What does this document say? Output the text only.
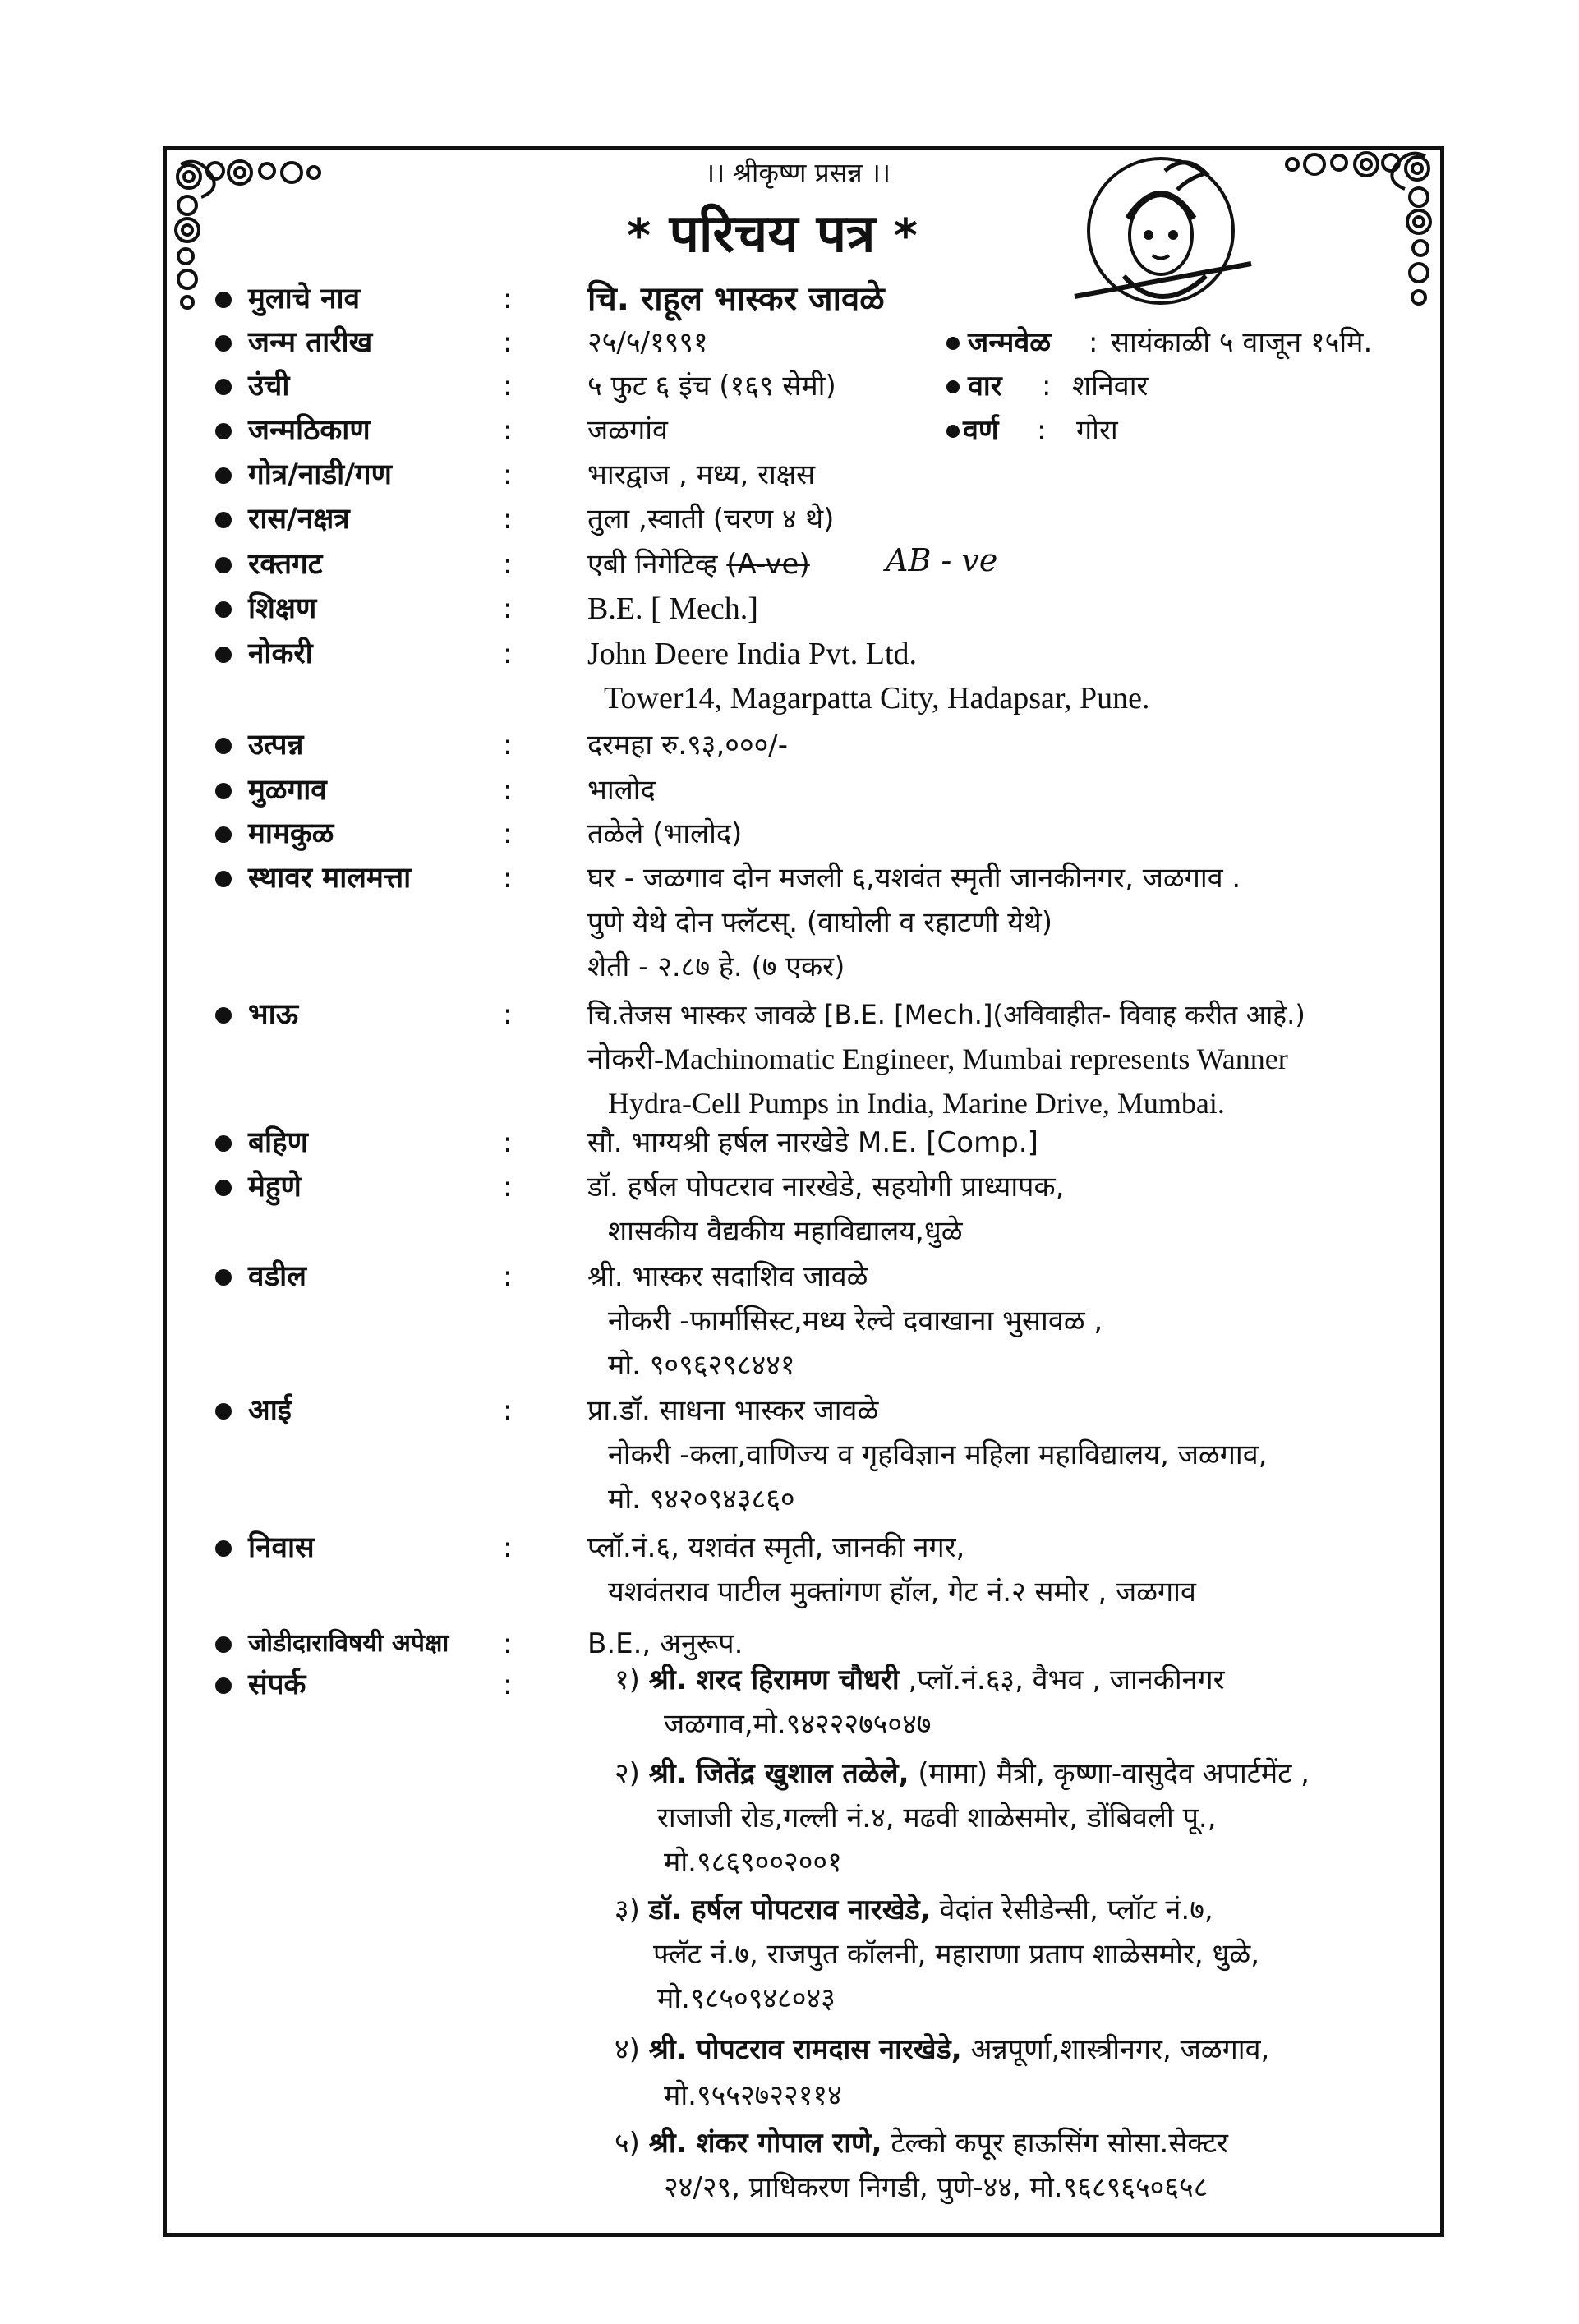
।। श्रीकृष्ण प्रसन्न ।।
* परिचय पत्र *
मुलाचे नाव	: चि. राहूल भास्कर जावळे
जन्म तारीख	:	२५/५/१९९१	जन्मवेळ : सायंकाळी ५ वाजून १५मि.
उंची	:	५ फुट ६ इंच (१६९ सेमी)	वार : शनिवार
जन्मठिकाण	:	जळगांव	वर्ण : गोरा
गोत्र/नाडी/गण	:	भारद्वाज , मध्य, राक्षस
रास/नक्षत्र	:	तुला ,स्वाती (चरण ४ थे)
रक्तगट	:	एबी निगेटिव्ह (A-ve) AB - ve
शिक्षण	: B.E. [ Mech.]
नोकरी	: John Deere India Pvt. Ltd.
Tower14, Magarpatta City, Hadapsar, Pune.
उत्पन्न	:	दरमहा रु.९३,०००/-
मुळगाव	:	भालोद
मामकुळ	:	तळेले (भालोद)
स्थावर मालमत्ता	:	घर - जळगाव दोन मजली ६,यशवंत स्मृती जानकीनगर, जळगाव .
पुणे येथे दोन फ्लॅटस्. (वाघोली व रहाटणी येथे)
शेती - २.८७ हे. (७ एकर)
भाऊ	:	चि.तेजस भास्कर जावळे [B.E. [Mech.](अविवाहीत- विवाह करीत आहे.)
नोकरी-Machinomatic Engineer, Mumbai represents Wanner
Hydra-Cell Pumps in India, Marine Drive, Mumbai.
बहिण	:	सौ. भाग्यश्री हर्षल नारखेडे M.E. [Comp.]
मेहुणे	:	डॉ. हर्षल पोपटराव नारखेडे, सहयोगी प्राध्यापक,
शासकीय वैद्यकीय महाविद्यालय,धुळे
वडील	:	श्री. भास्कर सदाशिव जावळे
नोकरी -फार्मासिस्ट,मध्य रेल्वे दवाखाना भुसावळ ,
मो. ९०९६२९८४४१
आई	:	प्रा.डॉ. साधना भास्कर जावळे
नोकरी -कला,वाणिज्य व गृहविज्ञान महिला महाविद्यालय, जळगाव,
मो. ९४२०९४३८६०
निवास	:	प्लॉ.नं.६, यशवंत स्मृती, जानकी नगर,
यशवंतराव पाटील मुक्तांगण हॉल, गेट नं.२ समोर , जळगाव
जोडीदाराविषयी अपेक्षा :	B.E., अनुरूप.
संपर्क	:	१) श्री. शरद हिरामण चौधरी ,प्लॉ.नं.६३, वैभव , जानकीनगर
जळगाव,मो.९४२२२७५०४७
२) श्री. जितेंद्र खुशाल तळेले, (मामा) मैत्री, कृष्णा-वासुदेव अपार्टमेंट ,
राजाजी रोड,गल्ली नं.४, मढवी शाळेसमोर, डोंबिवली पू.,
मो.९८६९००२००१
३) डॉ. हर्षल पोपटराव नारखेडे, वेदांत रेसीडेन्सी, प्लॉट नं.७,
फ्लॅट नं.७, राजपुत कॉलनी, महाराणा प्रताप शाळेसमोर, धुळे,
मो.९८५०९४८०४३
४) श्री. पोपटराव रामदास नारखेडे, अन्नपूर्णा,शास्त्रीनगर, जळगाव,
मो.९५५२७२२११४
५) श्री. शंकर गोपाल राणे, टेल्को कपूर हाऊसिंग सोसा.सेक्टर
२४/२९, प्राधिकरण निगडी, पुणे-४४, मो.९६८९६५०६५८
